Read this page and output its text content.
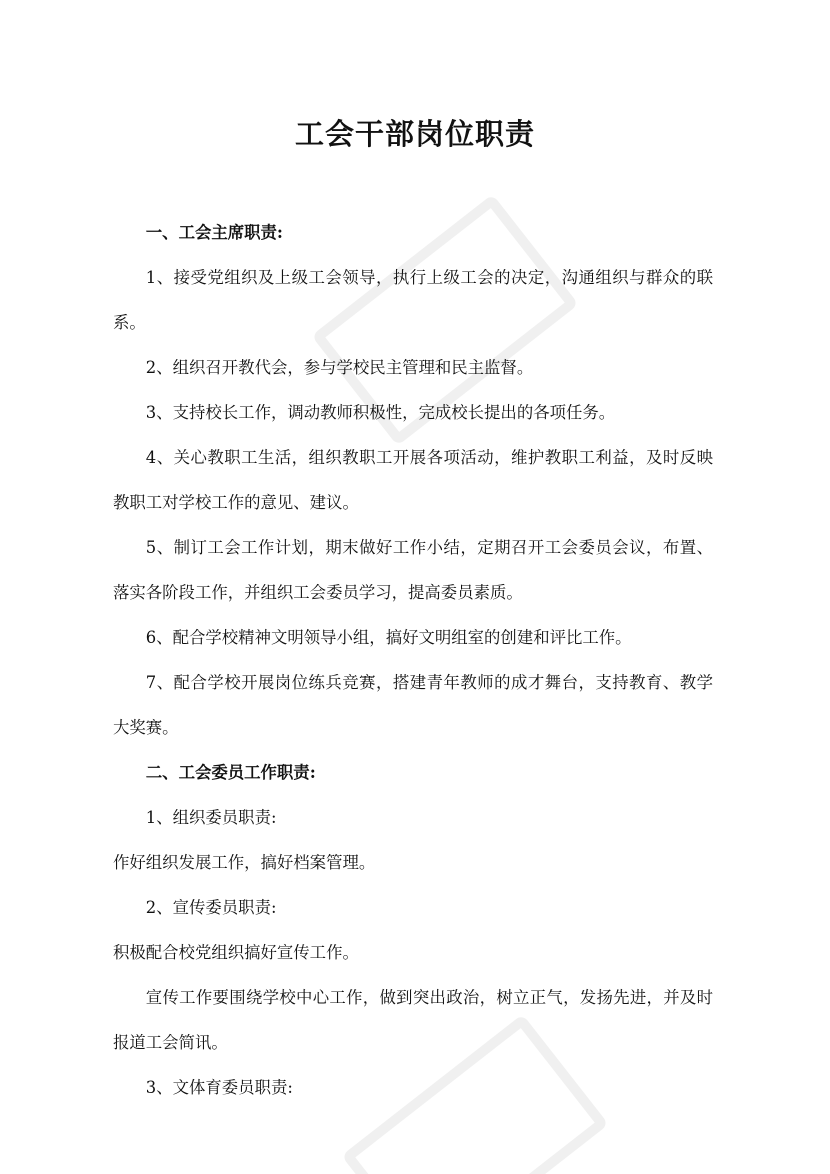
工会干部岗位职责

一、工会主席职责:

1、接受党组织及上级工会领导，执行上级工会的决定，沟通组织与群众的联系。

2、组织召开教代会，参与学校民主管理和民主监督。

3、支持校长工作，调动教师积极性，完成校长提出的各项任务。

4、关心教职工生活，组织教职工开展各项活动，维护教职工利益，及时反映教职工对学校工作的意见、建议。

5、制订工会工作计划，期末做好工作小结，定期召开工会委员会议，布置、落实各阶段工作，并组织工会委员学习，提高委员素质。

6、配合学校精神文明领导小组，搞好文明组室的创建和评比工作。

7、配合学校开展岗位练兵竞赛，搭建青年教师的成才舞台，支持教育、教学大奖赛。

二、工会委员工作职责:

1、组织委员职责:

作好组织发展工作，搞好档案管理。

2、宣传委员职责:

积极配合校党组织搞好宣传工作。

宣传工作要围绕学校中心工作，做到突出政治，树立正气，发扬先进，并及时报道工会简讯。

3、文体育委员职责:
